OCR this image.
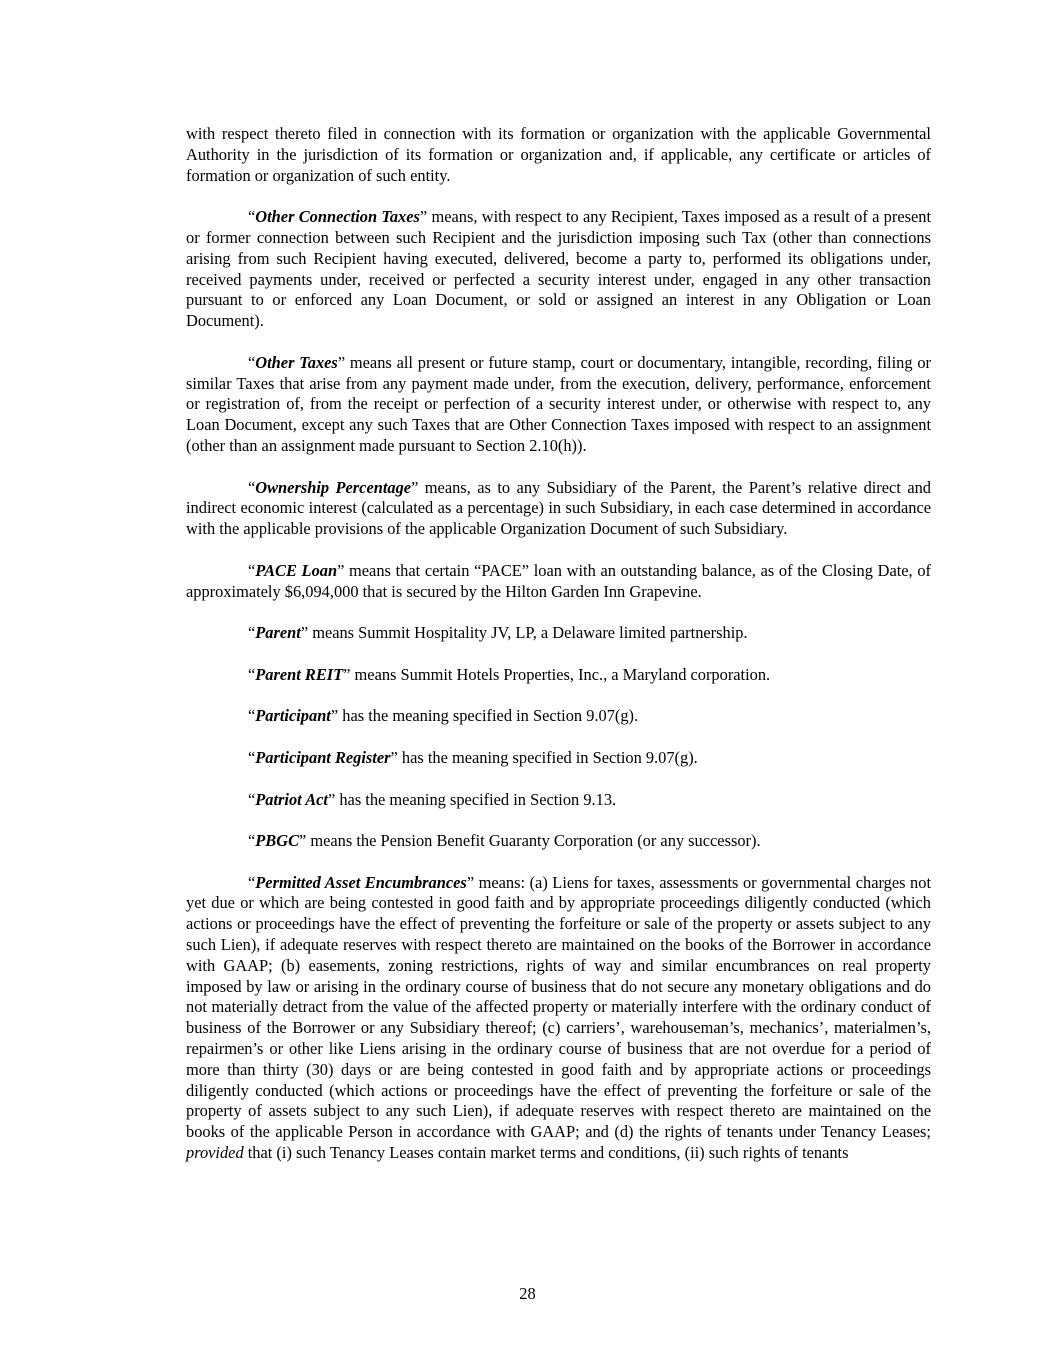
with respect thereto filed in connection with its formation or organization with the applicable Governmental Authority in the jurisdiction of its formation or organization and, if applicable, any certificate or articles of formation or organization of such entity.

“Other Connection Taxes” means, with respect to any Recipient, Taxes imposed as a result of a present or former connection between such Recipient and the jurisdiction imposing such Tax (other than connections arising from such Recipient having executed, delivered, become a party to, performed its obligations under, received payments under, received or perfected a security interest under, engaged in any other transaction pursuant to or enforced any Loan Document, or sold or assigned an interest in any Obligation or Loan Document).

“Other Taxes” means all present or future stamp, court or documentary, intangible, recording, filing or similar Taxes that arise from any payment made under, from the execution, delivery, performance, enforcement or registration of, from the receipt or perfection of a security interest under, or otherwise with respect to, any Loan Document, except any such Taxes that are Other Connection Taxes imposed with respect to an assignment (other than an assignment made pursuant to Section 2.10(h)).

“Ownership Percentage” means, as to any Subsidiary of the Parent, the Parent’s relative direct and indirect economic interest (calculated as a percentage) in such Subsidiary, in each case determined in accordance with the applicable provisions of the applicable Organization Document of such Subsidiary.

“PACE Loan” means that certain “PACE” loan with an outstanding balance, as of the Closing Date, of approximately $6,094,000 that is secured by the Hilton Garden Inn Grapevine.

“Parent” means Summit Hospitality JV, LP, a Delaware limited partnership.

“Parent REIT” means Summit Hotels Properties, Inc., a Maryland corporation.

“Participant” has the meaning specified in Section 9.07(g).

“Participant Register” has the meaning specified in Section 9.07(g).

“Patriot Act” has the meaning specified in Section 9.13.

“PBGC” means the Pension Benefit Guaranty Corporation (or any successor).

“Permitted Asset Encumbrances” means: (a) Liens for taxes, assessments or governmental charges not yet due or which are being contested in good faith and by appropriate proceedings diligently conducted (which actions or proceedings have the effect of preventing the forfeiture or sale of the property or assets subject to any such Lien), if adequate reserves with respect thereto are maintained on the books of the Borrower in accordance with GAAP; (b) easements, zoning restrictions, rights of way and similar encumbrances on real property imposed by law or arising in the ordinary course of business that do not secure any monetary obligations and do not materially detract from the value of the affected property or materially interfere with the ordinary conduct of business of the Borrower or any Subsidiary thereof; (c) carriers’, warehouseman’s, mechanics’, materialmen’s, repairmen’s or other like Liens arising in the ordinary course of business that are not overdue for a period of more than thirty (30) days or are being contested in good faith and by appropriate actions or proceedings diligently conducted (which actions or proceedings have the effect of preventing the forfeiture or sale of the property of assets subject to any such Lien), if adequate reserves with respect thereto are maintained on the books of the applicable Person in accordance with GAAP; and (d) the rights of tenants under Tenancy Leases; provided that (i) such Tenancy Leases contain market terms and conditions, (ii) such rights of tenants

28
